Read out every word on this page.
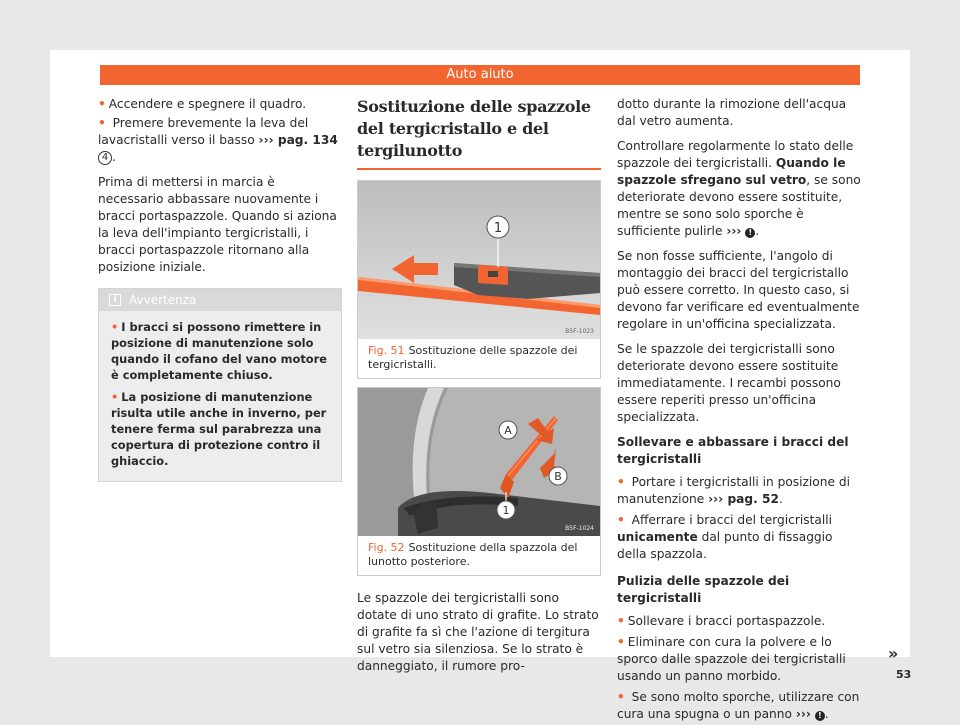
Auto aiuto

• Accendere e spegnere il quadro.

• Premere brevemente la leva del lavacristalli verso il basso ››› pag. 134 4 .

Prima di mettersi in marcia è necessario abbassare nuovamente i bracci portaspazzole. Quando si aziona la leva dell'impianto tergicristalli, i bracci portaspazzole ritornano alla posizione iniziale.

i	Avvertenza

• I bracci si possono rimettere in posizione di manutenzione solo quando il cofano del vano motore è completamente chiuso.

• La posizione di manutenzione risulta utile anche in inverno, per tenere ferma sul parabrezza una copertura di protezione contro il ghiaccio.

Sostituzione delle spazzole del tergicristallo e del tergilunotto
1
B5F-1023
Fig. 51 Sostituzione delle spazzole dei tergicristalli.
A
B
1
B5F-1024
Fig. 52 Sostituzione della spazzola del lunotto posteriore.

Le spazzole dei tergicristalli sono dotate di uno strato di grafite. Lo strato di grafite fa sì che l'azione di tergitura sul vetro sia silenziosa. Se lo strato è danneggiato, il rumore pro-

dotto durante la rimozione dell'acqua dal vetro aumenta.

Controllare regolarmente lo stato delle spazzole dei tergicristalli. Quando le spazzole sfregano sul vetro, se sono deteriorate devono essere sostituite, mentre se sono solo sporche è sufficiente pulirle ››› ! .

Se non fosse sufficiente, l'angolo di montaggio dei bracci del tergicristallo può essere corretto. In questo caso, si devono far verificare ed eventualmente regolare in un'officina specializzata.

Se le spazzole dei tergicristalli sono deteriorate devono essere sostituite immediatamente. I recambi possono essere reperiti presso un'officina specializzata.

Sollevare e abbassare i bracci del tergicristalli

• Portare i tergicristalli in posizione di manutenzione ››› pag. 52.

• Afferrare i bracci del tergicristalli unicamente dal punto di fissaggio della spazzola.

Pulizia delle spazzole dei tergicristalli

• Sollevare i bracci portaspazzole.

• Eliminare con cura la polvere e lo sporco dalle spazzole dei tergicristalli usando un panno morbido.

• Se sono molto sporche, utilizzare con cura una spugna o un panno ››› ! .

»
53
